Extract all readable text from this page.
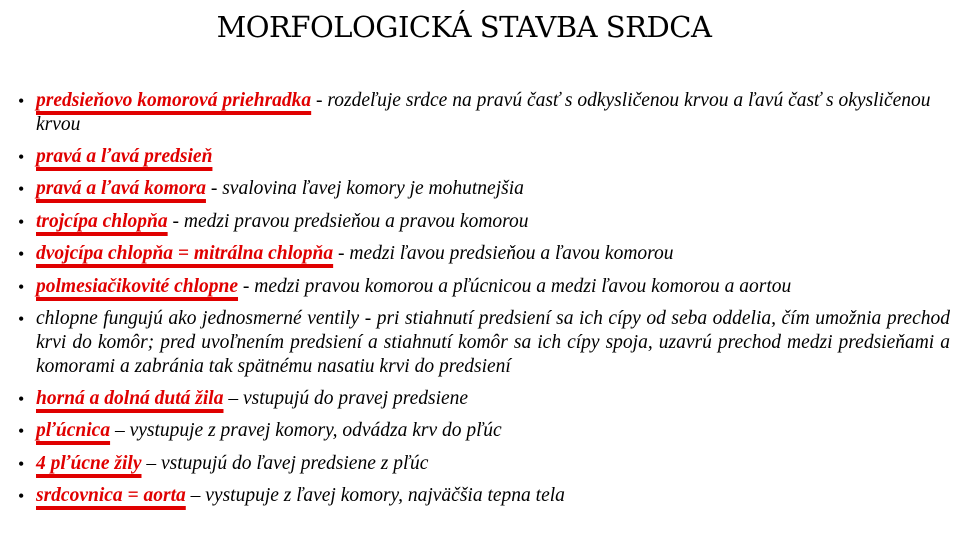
MORFOLOGICKÁ STAVBA SRDCA
• predsieňovo komorová priehradka - rozdeľuje srdce na pravú časť s odkysličenou krvou a ľavú časť s okysličenou krvou
• pravá a ľavá predsieň
• pravá a ľavá komora - svalovina ľavej komory je mohutnejšia
• trojcípa chlopňa - medzi pravou predsieňou a pravou komorou
• dvojcípa chlopňa = mitrálna chlopňa - medzi ľavou predsieňou a ľavou komorou
• polmesiačikovité chlopne - medzi pravou komorou a pľúcnicou a medzi ľavou komorou a aortou
• chlopne fungujú ako jednosmerné ventily - pri stiahnutí predsiení sa ich cípy od seba oddelia, čím umožnia prechod krvi do komôr; pred uvoľnením predsiení a stiahnutí komôr sa ich cípy spoja, uzavrú prechod medzi predsieňami a komorami a zabránia tak spätnému nasatiu krvi do predsiení
• horná a dolná dutá žila – vstupujú do pravej predsiene
• pľúcnica – vystupuje z pravej komory, odvádza krv do pľúc
• 4 pľúcne žily – vstupujú do ľavej predsiene z pľúc
• srdcovnica = aorta – vystupuje z ľavej komory, najväčšia tepna tela
